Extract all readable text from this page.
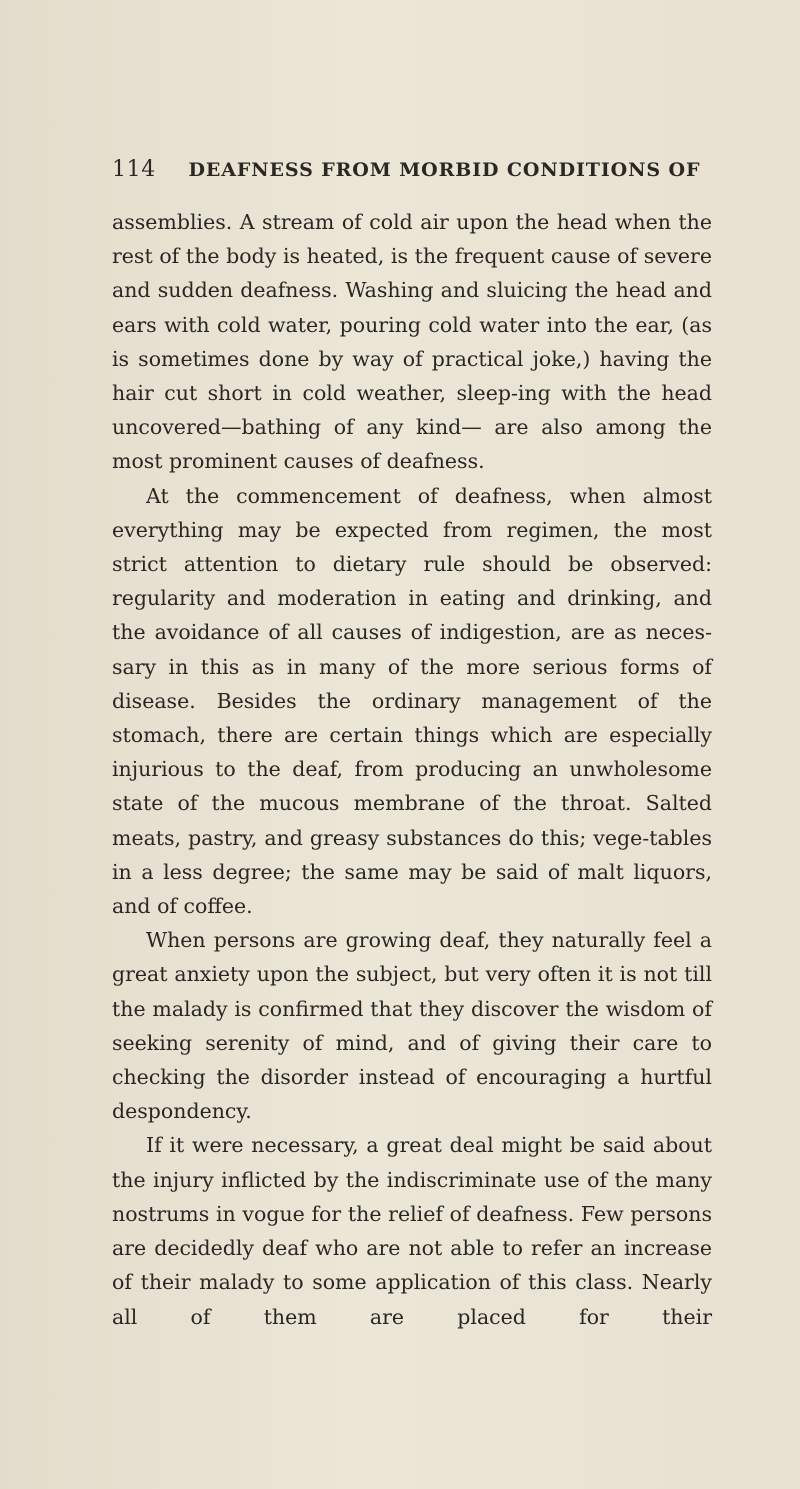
114 DEAFNESS FROM MORBID CONDITIONS OF

assemblies. A stream of cold air upon the head when the rest of the body is heated, is the frequent cause of severe and sudden deafness. Washing and sluicing the head and ears with cold water, pouring cold water into the ear, (as is sometimes done by way of practical joke,) having the hair cut short in cold weather, sleep-ing with the head uncovered—bathing of any kind— are also among the most prominent causes of deafness.

At the commencement of deafness, when almost everything may be expected from regimen, the most strict attention to dietary rule should be observed: regularity and moderation in eating and drinking, and the avoidance of all causes of indigestion, are as neces-sary in this as in many of the more serious forms of disease. Besides the ordinary management of the stomach, there are certain things which are especially injurious to the deaf, from producing an unwholesome state of the mucous membrane of the throat. Salted meats, pastry, and greasy substances do this; vege-tables in a less degree; the same may be said of malt liquors, and of coffee.

When persons are growing deaf, they naturally feel a great anxiety upon the subject, but very often it is not till the malady is confirmed that they discover the wisdom of seeking serenity of mind, and of giving their care to checking the disorder instead of encouraging a hurtful despondency.

If it were necessary, a great deal might be said about the injury inflicted by the indiscriminate use of the many nostrums in vogue for the relief of deafness. Few persons are decidedly deaf who are not able to refer an increase of their malady to some application of this class. Nearly all of them are placed for their
